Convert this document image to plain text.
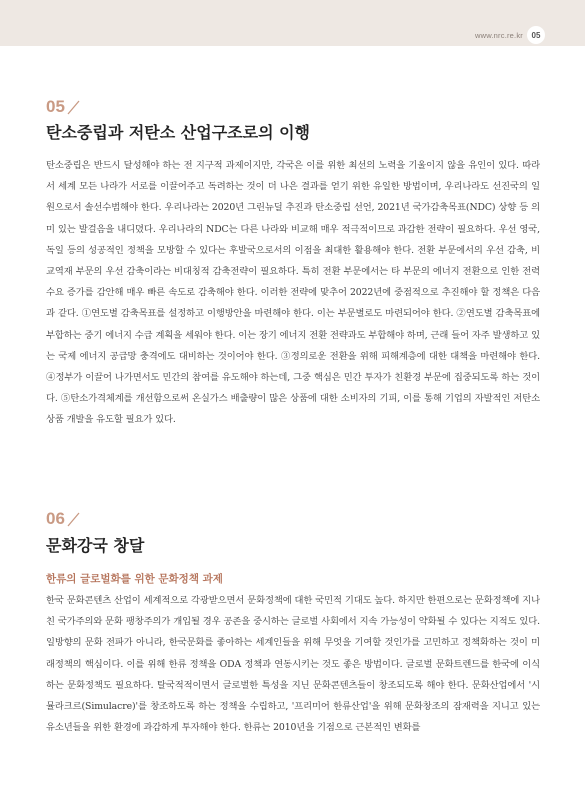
www.nrc.re.kr	05
05
탄소중립과 저탄소 산업구조로의 이행

탄소중립은 반드시 달성해야 하는 전 지구적 과제이지만, 각국은 이를 위한 최선의 노력을 기울이지 않을 유인이 있다. 따라서 세계 모든 나라가 서로를 이끌어주고 독려하는 것이 더 나은 결과를 얻기 위한 유일한 방법이며, 우리나라도 선진국의 일원으로서 솔선수범해야 한다. 우리나라는 2020년 그린뉴딜 추진과 탄소중립 선언, 2021년 국가감축목표(NDC) 상향 등 의미 있는 발걸음을 내디뎠다. 우리나라의 NDC는 다른 나라와 비교해 매우 적극적이므로 과감한 전략이 필요하다. 우선 영국, 독일 등의 성공적인 정책을 모방할 수 있다는 후발국으로서의 이점을 최대한 활용해야 한다. 전환 부문에서의 우선 감축, 비교역재 부문의 우선 감축이라는 비대칭적 감축전략이 필요하다. 특히 전환 부문에서는 타 부문의 에너지 전환으로 인한 전력수요 증가를 감안해 매우 빠른 속도로 감축해야 한다. 이러한 전략에 맞추어 2022년에 중점적으로 추진해야 할 정책은 다음과 같다. ①연도별 감축목표를 설정하고 이행방안을 마련해야 한다. 이는 부문별로도 마련되어야 한다. ②연도별 감축목표에 부합하는 중기 에너지 수급 계획을 세워야 한다. 이는 장기 에너지 전환 전략과도 부합해야 하며, 근래 들어 자주 발생하고 있는 국제 에너지 공급망 충격에도 대비하는 것이어야 한다. ③정의로운 전환을 위해 피해계층에 대한 대책을 마련해야 한다. ④정부가 이끌어 나가면서도 민간의 참여를 유도해야 하는데, 그중 핵심은 민간 투자가 친환경 부문에 집중되도록 하는 것이다. ⑤탄소가격체계를 개선함으로써 온실가스 배출량이 많은 상품에 대한 소비자의 기피, 이를 통해 기업의 자발적인 저탄소 상품 개발을 유도할 필요가 있다.

06
문화강국 창달
한류의 글로벌화를 위한 문화정책 과제

한국 문화콘텐츠 산업이 세계적으로 각광받으면서 문화정책에 대한 국민적 기대도 높다. 하지만 한편으로는 문화정책에 지나친 국가주의와 문화 팽창주의가 개입될 경우 공존을 중시하는 글로벌 사회에서 지속 가능성이 약화될 수 있다는 지적도 있다. 일방향의 문화 전파가 아니라, 한국문화를 좋아하는 세계인들을 위해 무엇을 기여할 것인가를 고민하고 정책화하는 것이 미래정책의 핵심이다. 이를 위해 한류 정책을 ODA 정책과 연동시키는 것도 좋은 방법이다. 글로벌 문화트렌드를 한국에 이식하는 문화정책도 필요하다. 탈국적적이면서 글로벌한 특성을 지닌 문화콘텐츠들이 창조되도록 해야 한다. 문화산업에서 '시뮬라크르(Simulacre)'를 창조하도록 하는 정책을 수립하고, '프리미어 한류산업'을 위해 문화창조의 잠재력을 지니고 있는 유소년들을 위한 환경에 과감하게 투자해야 한다. 한류는 2010년을 기점으로 근본적인 변화를
